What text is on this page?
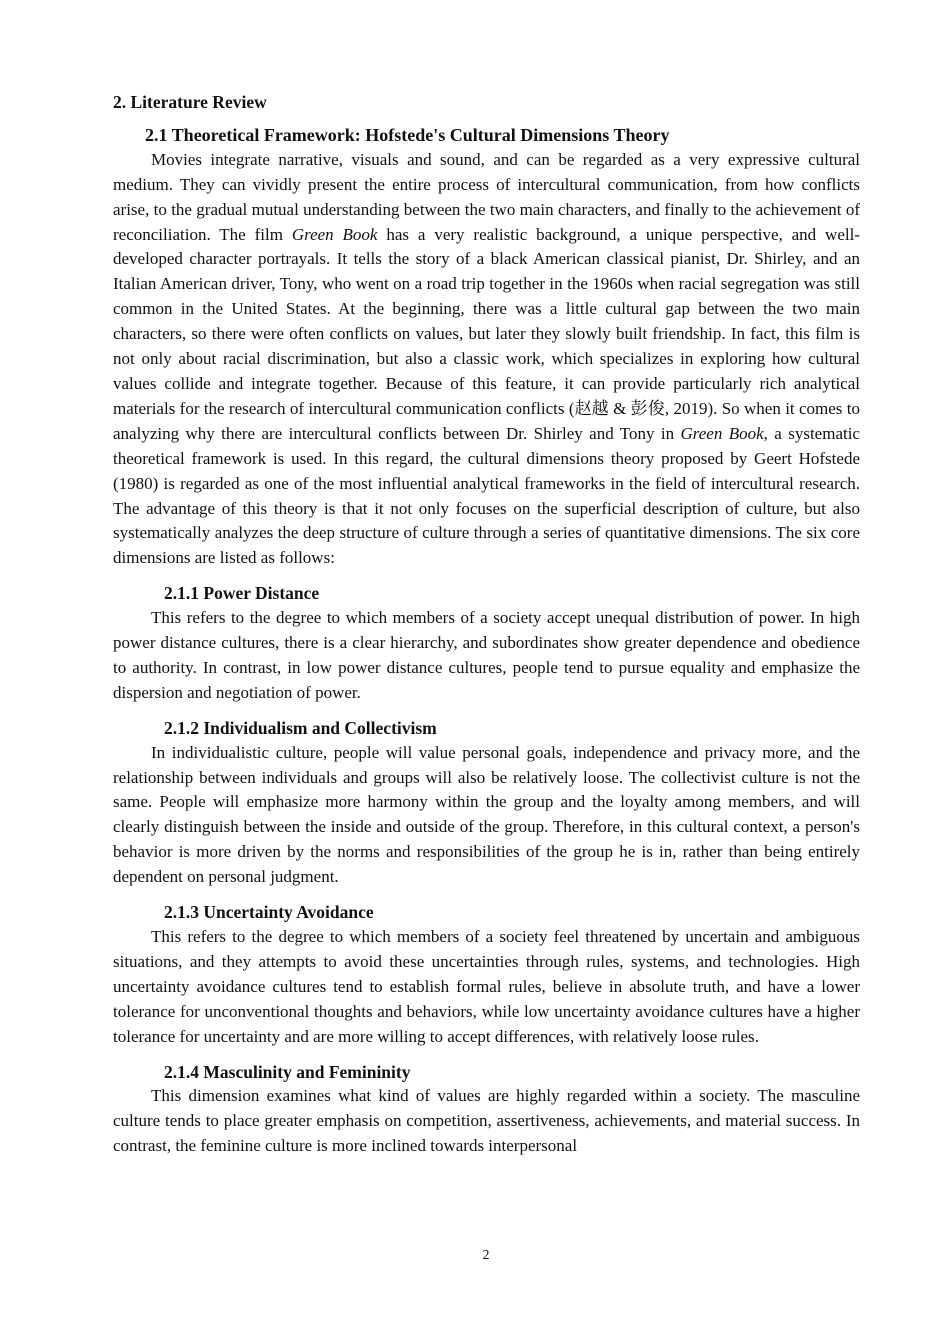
2. Literature Review
2.1 Theoretical Framework: Hofstede's Cultural Dimensions Theory

Movies integrate narrative, visuals and sound, and can be regarded as a very expressive cultural medium. They can vividly present the entire process of intercultural communication, from how conflicts arise, to the gradual mutual understanding between the two main characters, and finally to the achievement of reconciliation. The film Green Book has a very realistic background, a unique perspective, and well-developed character portrayals. It tells the story of a black American classical pianist, Dr. Shirley, and an Italian American driver, Tony, who went on a road trip together in the 1960s when racial segregation was still common in the United States. At the beginning, there was a little cultural gap between the two main characters, so there were often conflicts on values, but later they slowly built friendship. In fact, this film is not only about racial discrimination, but also a classic work, which specializes in exploring how cultural values collide and integrate together. Because of this feature, it can provide particularly rich analytical materials for the research of intercultural communication conflicts (赵越 & 彭俊, 2019). So when it comes to analyzing why there are intercultural conflicts between Dr. Shirley and Tony in Green Book, a systematic theoretical framework is used. In this regard, the cultural dimensions theory proposed by Geert Hofstede (1980) is regarded as one of the most influential analytical frameworks in the field of intercultural research. The advantage of this theory is that it not only focuses on the superficial description of culture, but also systematically analyzes the deep structure of culture through a series of quantitative dimensions. The six core dimensions are listed as follows:

2.1.1 Power Distance

This refers to the degree to which members of a society accept unequal distribution of power. In high power distance cultures, there is a clear hierarchy, and subordinates show greater dependence and obedience to authority. In contrast, in low power distance cultures, people tend to pursue equality and emphasize the dispersion and negotiation of power.

2.1.2 Individualism and Collectivism

In individualistic culture, people will value personal goals, independence and privacy more, and the relationship between individuals and groups will also be relatively loose. The collectivist culture is not the same. People will emphasize more harmony within the group and the loyalty among members, and will clearly distinguish between the inside and outside of the group. Therefore, in this cultural context, a person's behavior is more driven by the norms and responsibilities of the group he is in, rather than being entirely dependent on personal judgment.

2.1.3 Uncertainty Avoidance

This refers to the degree to which members of a society feel threatened by uncertain and ambiguous situations, and they attempts to avoid these uncertainties through rules, systems, and technologies. High uncertainty avoidance cultures tend to establish formal rules, believe in absolute truth, and have a lower tolerance for unconventional thoughts and behaviors, while low uncertainty avoidance cultures have a higher tolerance for uncertainty and are more willing to accept differences, with relatively loose rules.

2.1.4 Masculinity and Femininity

This dimension examines what kind of values are highly regarded within a society. The masculine culture tends to place greater emphasis on competition, assertiveness, achievements, and material success. In contrast, the feminine culture is more inclined towards interpersonal

2
